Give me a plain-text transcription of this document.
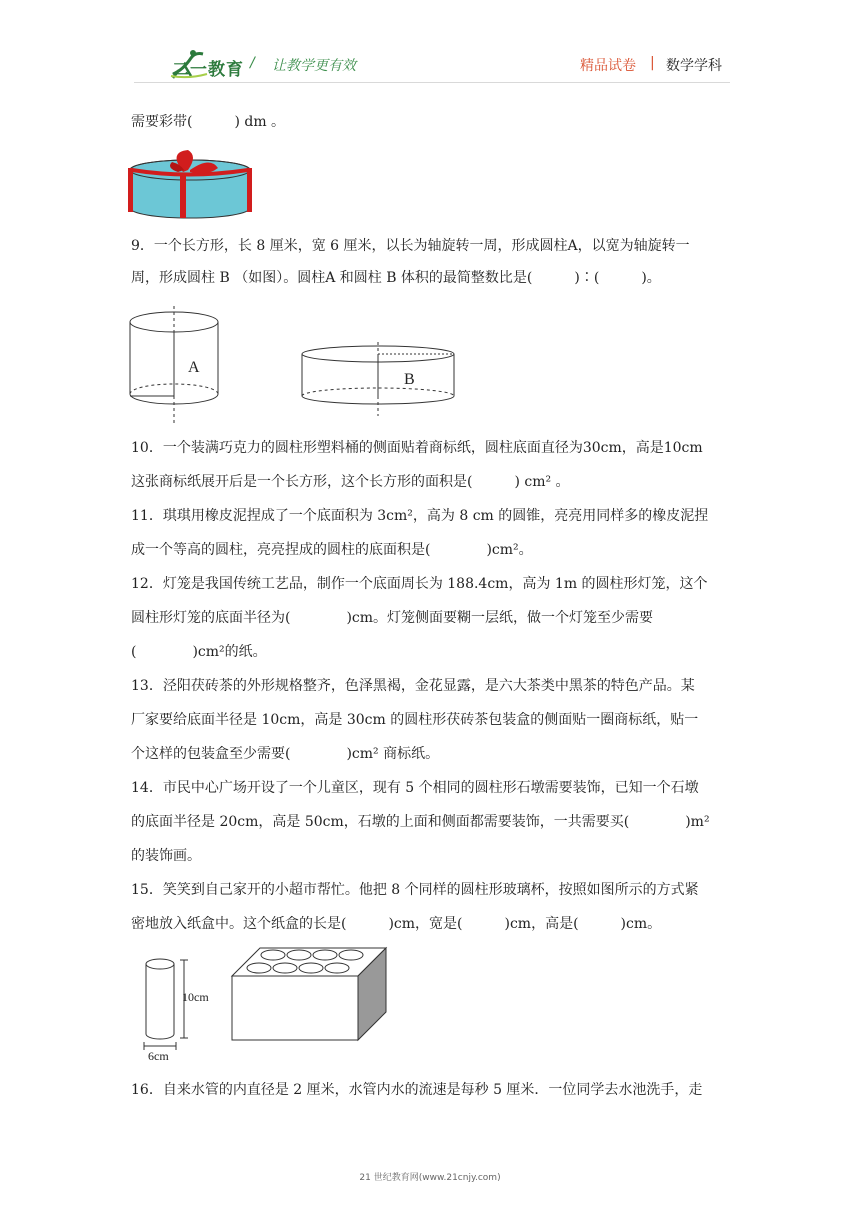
二一教育 / 让教学更有效	精品试卷 | 数学学科
需要彩带(　　　) dm 。
9．一个长方形，长 8 厘米，宽 6 厘米，以长为轴旋转一周，形成圆柱A，以宽为轴旋转一
周，形成圆柱 B （如图）。圆柱A 和圆柱 B 体积的最简整数比是(　　　)∶(　　　)。
A
B
10．一个装满巧克力的圆柱形塑料桶的侧面贴着商标纸，圆柱底面直径为30cm，高是10cm
这张商标纸展开后是一个长方形，这个长方形的面积是(　　　) cm² 。
11．琪琪用橡皮泥捏成了一个底面积为 3cm²，高为 8 cm 的圆锥，亮亮用同样多的橡皮泥捏
成一个等高的圆柱，亮亮捏成的圆柱的底面积是(　　　　)cm²。
12．灯笼是我国传统工艺品，制作一个底面周长为 188.4cm，高为 1m 的圆柱形灯笼，这个
圆柱形灯笼的底面半径为(　　　　)cm。灯笼侧面要糊一层纸，做一个灯笼至少需要
(　　　　)cm²的纸。
13．泾阳茯砖茶的外形规格整齐，色泽黑褐，金花显露，是六大茶类中黑茶的特色产品。某
厂家要给底面半径是 10cm，高是 30cm 的圆柱形茯砖茶包装盒的侧面贴一圈商标纸，贴一
个这样的包装盒至少需要(　　　　)cm² 商标纸。
14．市民中心广场开设了一个儿童区，现有 5 个相同的圆柱形石墩需要装饰，已知一个石墩
的底面半径是 20cm，高是 50cm，石墩的上面和侧面都需要装饰，一共需要买(　　　　)m²
的装饰画。
15．笑笑到自己家开的小超市帮忙。他把 8 个同样的圆柱形玻璃杯，按照如图所示的方式紧
密地放入纸盒中。这个纸盒的长是(　　　)cm，宽是(　　　)cm，高是(　　　)cm。
10cm
6cm
16．自来水管的内直径是 2 厘米，水管内水的流速是每秒 5 厘米．一位同学去水池洗手，走
21 世纪教育网(www.21cnjy.com)
